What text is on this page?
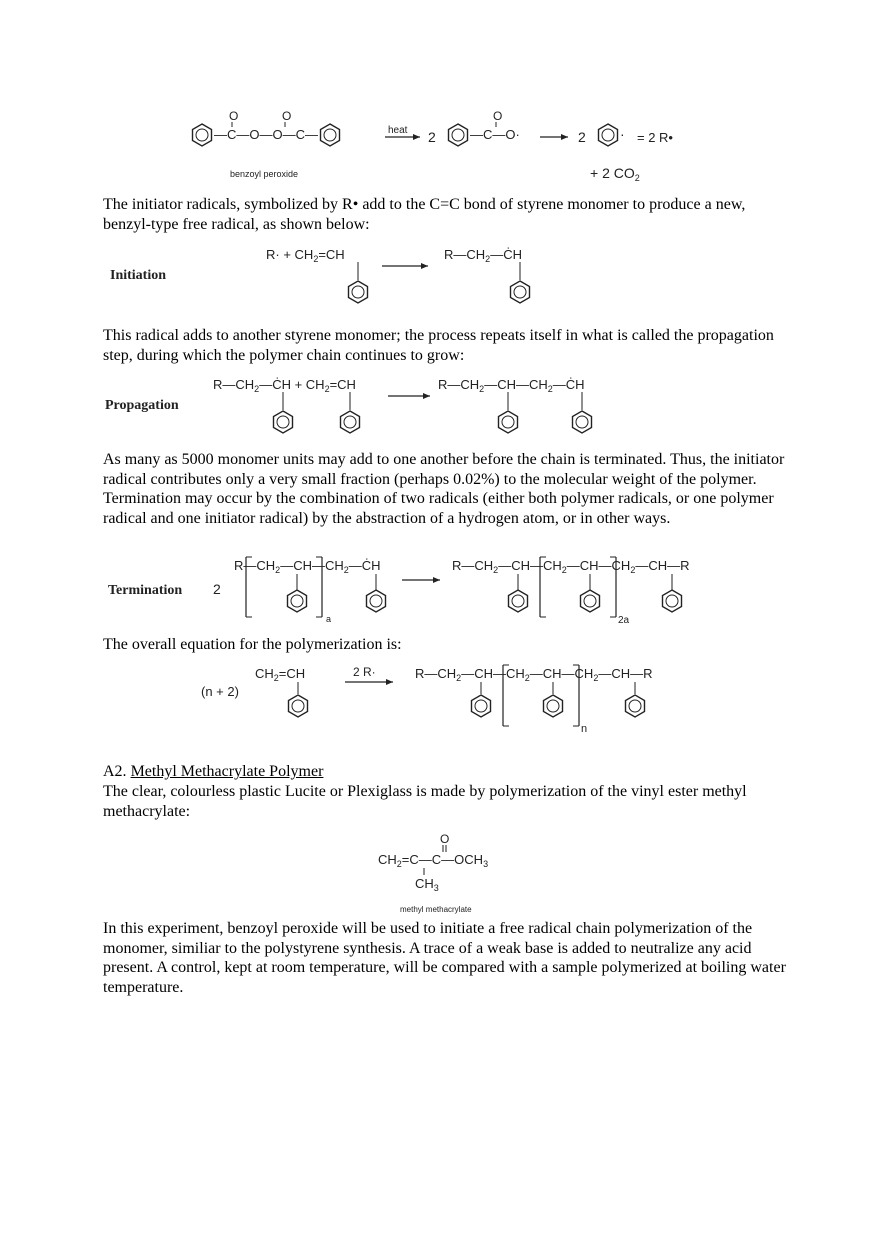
—C—O—O—C—
O	O
benzoyl peroxide
heat 2	—C—O·
O
2 · = 2 R•
+ 2 $CO_2$
The initiator radicals, symbolized by R• add to the C=C bond of styrene monomer to produce a new, benzyl-type free radical, as shown below:
Initiation
$R\cdot + CH_2=CH$	$R—CH_2—ĊH$
This radical adds to another styrene monomer; the process repeats itself in what is called the propagation step, during which the polymer chain continues to grow:
Propagation
$R—CH_2—ĊH + CH_2=CH$	$R—CH_2—CH—CH_2—ĊH$
As many as 5000 monomer units may add to one another before the chain is terminated. Thus, the initiator radical contributes only a very small fraction (perhaps 0.02%) to the molecular weight of the polymer. Termination may occur by the combination of two radicals (either both polymer radicals, or one polymer radical and one initiator radical) by the abstraction of a hydrogen atom, or in other ways.
Termination 2
$R—CH_2—CH—CH_2—ĊH$
a
$R—CH_2—CH—CH_2—CH—CH_2—CH—R$
2a
The overall equation for the polymerization is:
(n + 2)
$CH_2=CH$	2 R·	$R—CH_2—CH—CH_2—CH—CH_2—CH—R$
n
A2. Methyl Methacrylate Polymer
The clear, colourless plastic Lucite or Plexiglass is made by polymerization of the vinyl ester methyl methacrylate:
O
$CH_2=C—C—OCH_3$
$CH_3$
methyl methacrylate
In this experiment, benzoyl peroxide will be used to initiate a free radical chain polymerization of the monomer, similiar to the polystyrene synthesis. A trace of a weak base is added to neutralize any acid present. A control, kept at room temperature, will be compared with a sample polymerized at boiling water temperature.
